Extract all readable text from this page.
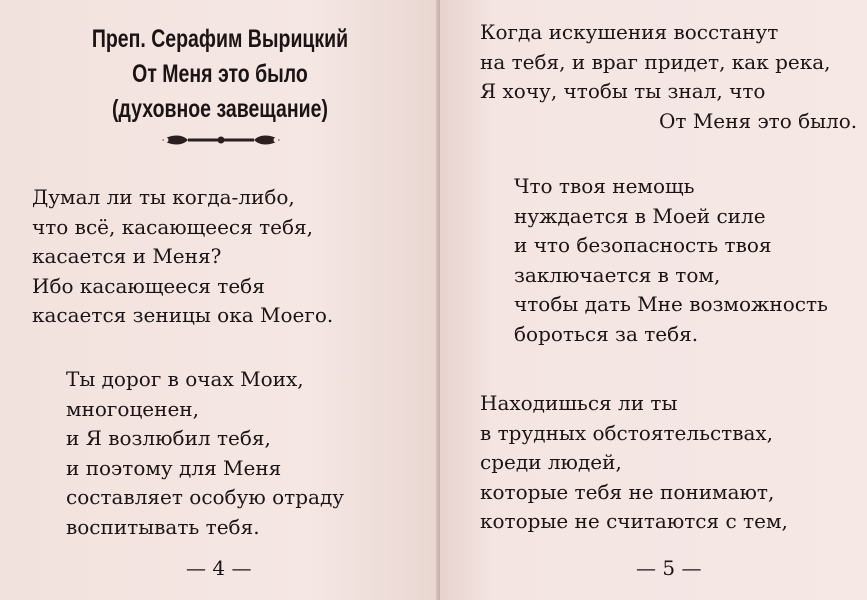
Преп. Серафим Вырицкий
От Меня это было
(духовное завещание)
Думал ли ты когда-либо,
что всё, касающееся тебя,
касается и Меня?
Ибо касающееся тебя
касается зеницы ока Моего.
Ты дорог в очах Моих,
многоценен,
и Я возлюбил тебя,
и поэтому для Меня
составляет особую отраду
воспитывать тебя.
— 4 —
Когда искушения восстанут
на тебя, и враг придет, как река,
Я хочу, чтобы ты знал, что
От Меня это было.
Что твоя немощь
нуждается в Моей силе
и что безопасность твоя
заключается в том,
чтобы дать Мне возможность
бороться за тебя.
Находишься ли ты
в трудных обстоятельствах,
среди людей,
которые тебя не понимают,
которые не считаются с тем,
— 5 —
